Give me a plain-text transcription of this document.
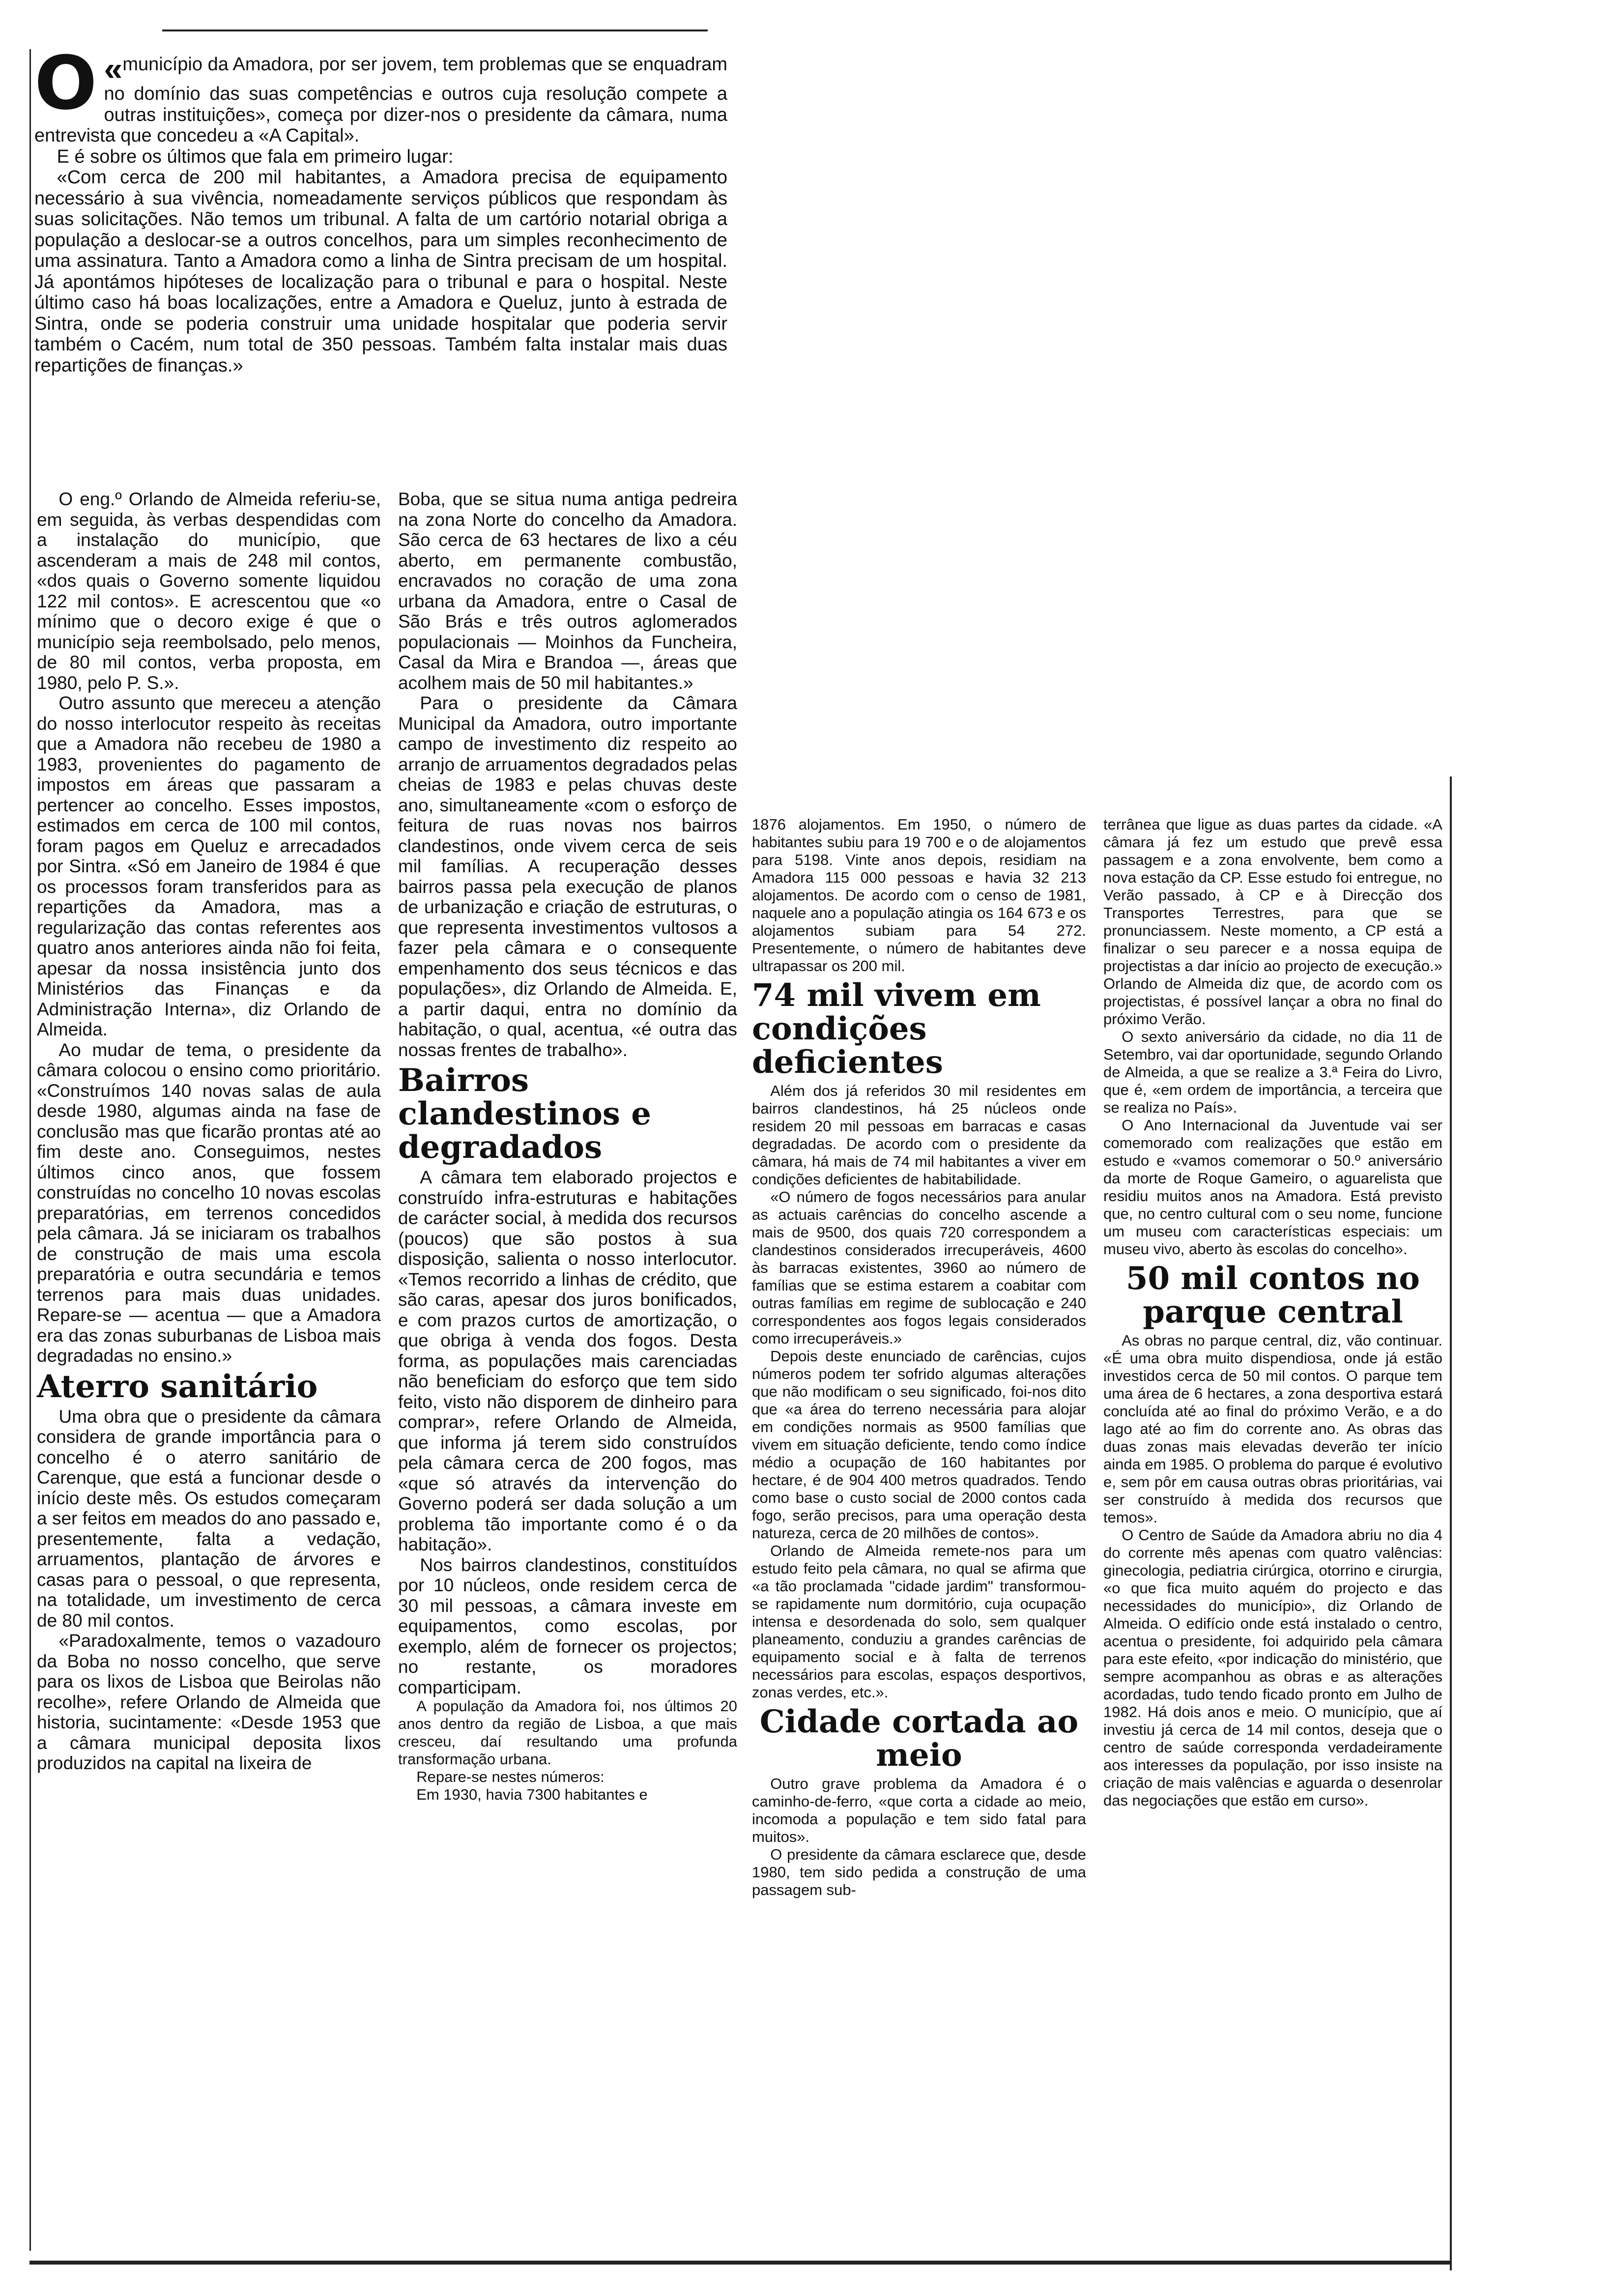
«
O município da Amadora, por ser jovem, tem problemas que se enquadram no domínio das suas competências e outros cuja resolução compete a outras instituições», começa por dizer-nos o presidente da câmara, numa entrevista que concedeu a «A Capital».

E é sobre os últimos que fala em primeiro lugar:

«Com cerca de 200 mil habitantes, a Amadora precisa de equipamento necessário à sua vivência, nomeadamente serviços públicos que respondam às suas solicitações. Não temos um tribunal. A falta de um cartório notarial obriga a população a deslocar-se a outros concelhos, para um simples reconhecimento de uma assinatura. Tanto a Amadora como a linha de Sintra precisam de um hospital. Já apontámos hipóteses de localização para o tribunal e para o hospital. Neste último caso há boas localizações, entre a Amadora e Queluz, junto à estrada de Sintra, onde se poderia construir uma unidade hospitalar que poderia servir também o Cacém, num total de 350 pessoas. Também falta instalar mais duas repartições de finanças.»

O eng.º Orlando de Almeida referiu-se, em seguida, às verbas despendidas com a instalação do município, que ascenderam a mais de 248 mil contos, «dos quais o Governo somente liquidou 122 mil contos». E acrescentou que «o mínimo que o decoro exige é que o município seja reembolsado, pelo menos, de 80 mil contos, verba proposta, em 1980, pelo P. S.».

Outro assunto que mereceu a atenção do nosso interlocutor respeito às receitas que a Amadora não recebeu de 1980 a 1983, provenientes do pagamento de impostos em áreas que passaram a pertencer ao concelho. Esses impostos, estimados em cerca de 100 mil contos, foram pagos em Queluz e arrecadados por Sintra. «Só em Janeiro de 1984 é que os processos foram transferidos para as repartições da Amadora, mas a regularização das contas referentes aos quatro anos anteriores ainda não foi feita, apesar da nossa insistência junto dos Ministérios das Finanças e da Administração Interna», diz Orlando de Almeida.

Ao mudar de tema, o presidente da câmara colocou o ensino como prioritário. «Construímos 140 novas salas de aula desde 1980, algumas ainda na fase de conclusão mas que ficarão prontas até ao fim deste ano. Conseguimos, nestes últimos cinco anos, que fossem construídas no concelho 10 novas escolas preparatórias, em terrenos concedidos pela câmara. Já se iniciaram os trabalhos de construção de mais uma escola preparatória e outra secundária e temos terrenos para mais duas unidades. Repare-se — acentua — que a Amadora era das zonas suburbanas de Lisboa mais degradadas no ensino.»

Aterro sanitário

Uma obra que o presidente da câmara considera de grande importância para o concelho é o aterro sanitário de Carenque, que está a funcionar desde o início deste mês. Os estudos começaram a ser feitos em meados do ano passado e, presentemente, falta a vedação, arruamentos, plantação de árvores e casas para o pessoal, o que representa, na totalidade, um investimento de cerca de 80 mil contos.

«Paradoxalmente, temos o vazadouro da Boba no nosso concelho, que serve para os lixos de Lisboa que Beirolas não recolhe», refere Orlando de Almeida que historia, sucintamente: «Desde 1953 que a câmara municipal deposita lixos produzidos na capital na lixeira de

Boba, que se situa numa antiga pedreira na zona Norte do concelho da Amadora. São cerca de 63 hectares de lixo a céu aberto, em permanente combustão, encravados no coração de uma zona urbana da Amadora, entre o Casal de São Brás e três outros aglomerados populacionais — Moinhos da Funcheira, Casal da Mira e Brandoa —, áreas que acolhem mais de 50 mil habitantes.»

Para o presidente da Câmara Municipal da Amadora, outro importante campo de investimento diz respeito ao arranjo de arruamentos degradados pelas cheias de 1983 e pelas chuvas deste ano, simultaneamente «com o esforço de feitura de ruas novas nos bairros clandestinos, onde vivem cerca de seis mil famílias. A recuperação desses bairros passa pela execução de planos de urbanização e criação de estruturas, o que representa investimentos vultosos a fazer pela câmara e o consequente empenhamento dos seus técnicos e das populações», diz Orlando de Almeida. E, a partir daqui, entra no domínio da habitação, o qual, acentua, «é outra das nossas frentes de trabalho».

Bairros clandestinos e degradados

A câmara tem elaborado projectos e construído infra-estruturas e habitações de carácter social, à medida dos recursos (poucos) que são postos à sua disposição, salienta o nosso interlocutor. «Temos recorrido a linhas de crédito, que são caras, apesar dos juros bonificados, e com prazos curtos de amortização, o que obriga à venda dos fogos. Desta forma, as populações mais carenciadas não beneficiam do esforço que tem sido feito, visto não disporem de dinheiro para comprar», refere Orlando de Almeida, que informa já terem sido construídos pela câmara cerca de 200 fogos, mas «que só através da intervenção do Governo poderá ser dada solução a um problema tão importante como é o da habitação».

Nos bairros clandestinos, constituídos por 10 núcleos, onde residem cerca de 30 mil pessoas, a câmara investe em equipamentos, como escolas, por exemplo, além de fornecer os projectos; no restante, os moradores comparticipam.

A população da Amadora foi, nos últimos 20 anos dentro da região de Lisboa, a que mais cresceu, daí resultando uma profunda transformação urbana.

Repare-se nestes números:

Em 1930, havia 7300 habitantes e

1876 alojamentos. Em 1950, o número de habitantes subiu para 19 700 e o de alojamentos para 5198. Vinte anos depois, residiam na Amadora 115 000 pessoas e havia 32 213 alojamentos. De acordo com o censo de 1981, naquele ano a população atingia os 164 673 e os alojamentos subiam para 54 272. Presentemente, o número de habitantes deve ultrapassar os 200 mil.

74 mil vivem em condições deficientes

Além dos já referidos 30 mil residentes em bairros clandestinos, há 25 núcleos onde residem 20 mil pessoas em barracas e casas degradadas. De acordo com o presidente da câmara, há mais de 74 mil habitantes a viver em condições deficientes de habitabilidade.

«O número de fogos necessários para anular as actuais carências do concelho ascende a mais de 9500, dos quais 720 correspondem a clandestinos considerados irrecuperáveis, 4600 às barracas existentes, 3960 ao número de famílias que se estima estarem a coabitar com outras famílias em regime de sublocação e 240 correspondentes aos fogos legais considerados como irrecuperáveis.»

Depois deste enunciado de carências, cujos números podem ter sofrido algumas alterações que não modificam o seu significado, foi-nos dito que «a área do terreno necessária para alojar em condições normais as 9500 famílias que vivem em situação deficiente, tendo como índice médio a ocupação de 160 habitantes por hectare, é de 904 400 metros quadrados. Tendo como base o custo social de 2000 contos cada fogo, serão precisos, para uma operação desta natureza, cerca de 20 milhões de contos».

Orlando de Almeida remete-nos para um estudo feito pela câmara, no qual se afirma que «a tão proclamada "cidade jardim" transformou-se rapidamente num dormitório, cuja ocupação intensa e desordenada do solo, sem qualquer planeamento, conduziu a grandes carências de equipamento social e à falta de terrenos necessários para escolas, espaços desportivos, zonas verdes, etc.».

Cidade cortada ao meio

Outro grave problema da Amadora é o caminho-de-ferro, «que corta a cidade ao meio, incomoda a população e tem sido fatal para muitos».

O presidente da câmara esclarece que, desde 1980, tem sido pedida a construção de uma passagem sub-

terrânea que ligue as duas partes da cidade. «A câmara já fez um estudo que prevê essa passagem e a zona envolvente, bem como a nova estação da CP. Esse estudo foi entregue, no Verão passado, à CP e à Direcção dos Transportes Terrestres, para que se pronunciassem. Neste momento, a CP está a finalizar o seu parecer e a nossa equipa de projectistas a dar início ao projecto de execução.» Orlando de Almeida diz que, de acordo com os projectistas, é possível lançar a obra no final do próximo Verão.

O sexto aniversário da cidade, no dia 11 de Setembro, vai dar oportunidade, segundo Orlando de Almeida, a que se realize a 3.ª Feira do Livro, que é, «em ordem de importância, a terceira que se realiza no País».

O Ano Internacional da Juventude vai ser comemorado com realizações que estão em estudo e «vamos comemorar o 50.º aniversário da morte de Roque Gameiro, o aguarelista que residiu muitos anos na Amadora. Está previsto que, no centro cultural com o seu nome, funcione um museu com características especiais: um museu vivo, aberto às escolas do concelho».

50 mil contos no parque central

As obras no parque central, diz, vão continuar. «É uma obra muito dispendiosa, onde já estão investidos cerca de 50 mil contos. O parque tem uma área de 6 hectares, a zona desportiva estará concluída até ao final do próximo Verão, e a do lago até ao fim do corrente ano. As obras das duas zonas mais elevadas deverão ter início ainda em 1985. O problema do parque é evolutivo e, sem pôr em causa outras obras prioritárias, vai ser construído à medida dos recursos que temos».

O Centro de Saúde da Amadora abriu no dia 4 do corrente mês apenas com quatro valências: ginecologia, pediatria cirúrgica, otorrino e cirurgia, «o que fica muito aquém do projecto e das necessidades do município», diz Orlando de Almeida. O edifício onde está instalado o centro, acentua o presidente, foi adquirido pela câmara para este efeito, «por indicação do ministério, que sempre acompanhou as obras e as alterações acordadas, tudo tendo ficado pronto em Julho de 1982. Há dois anos e meio. O município, que aí investiu já cerca de 14 mil contos, deseja que o centro de saúde corresponda verdadeiramente aos interesses da população, por isso insiste na criação de mais valências e aguarda o desenrolar das negociações que estão em curso».
